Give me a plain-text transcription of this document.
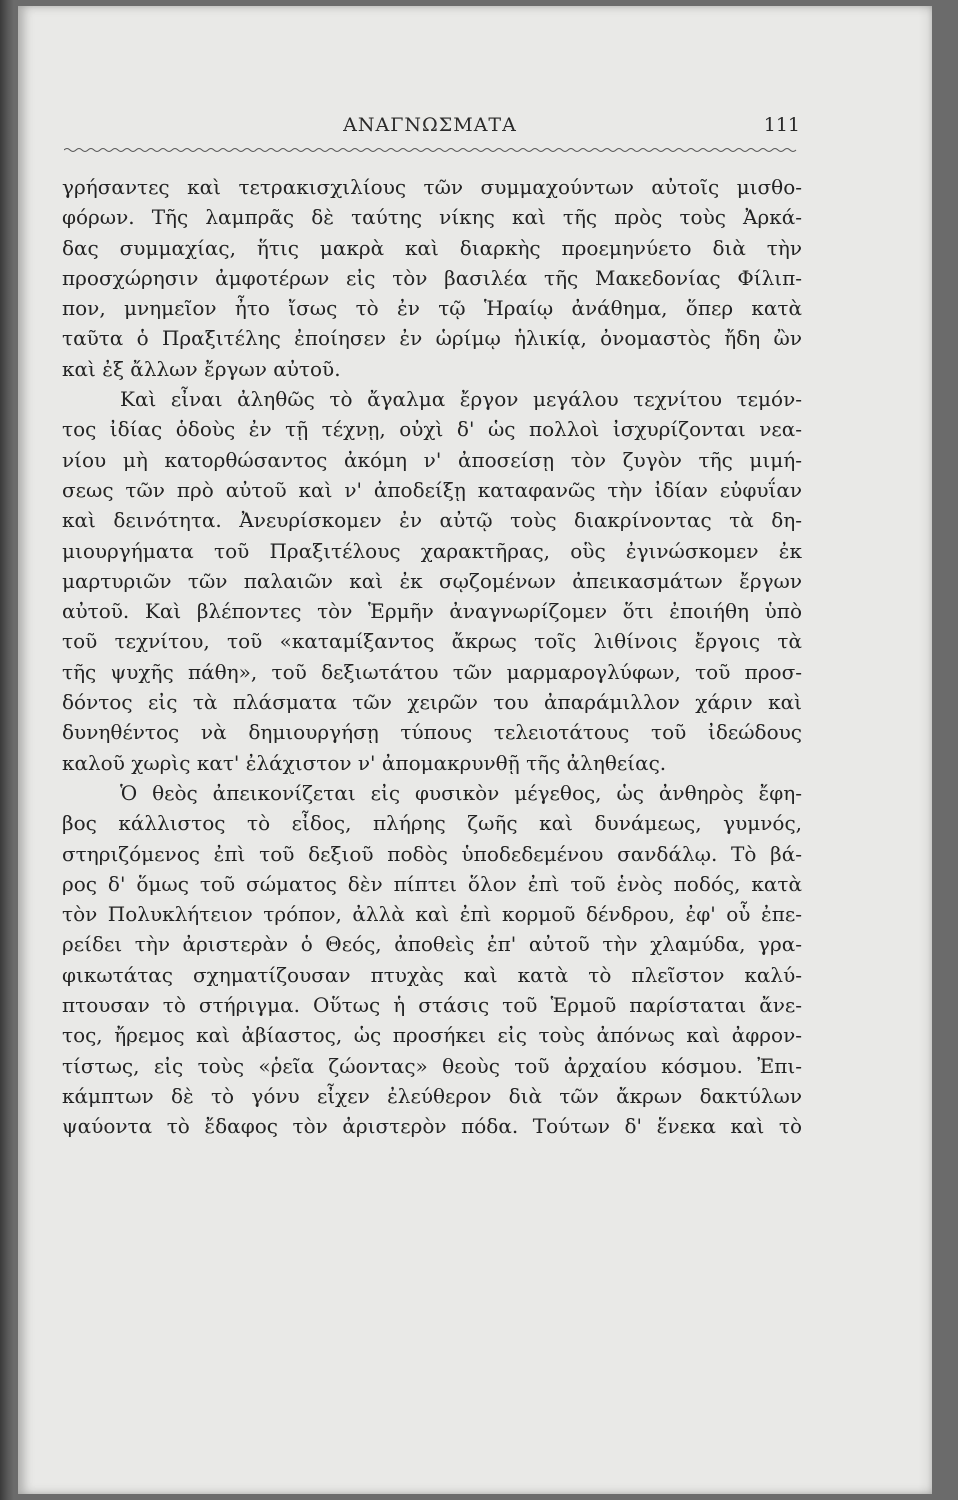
ΑΝΑΓΝΩΣΜΑΤΑ	111
γρήσαντες καὶ τετρακισχιλίους τῶν συμμαχούντων αὐτοῖς μισθο-
φόρων. Τῆς λαμπρᾶς δὲ ταύτης νίκης καὶ τῆς πρὸς τοὺς Ἀρκά-
δας συμμαχίας, ἥτις μακρὰ καὶ διαρκὴς προεμηνύετο διὰ τὴν
προσχώρησιν ἀμφοτέρων εἰς τὸν βασιλέα τῆς Μακεδονίας Φίλιπ-
πον, μνημεῖον ἦτο ἴσως τὸ ἐν τῷ Ἡραίῳ ἀνάθημα, ὅπερ κατὰ
ταῦτα ὁ Πραξιτέλης ἐποίησεν ἐν ὡρίμῳ ἡλικίᾳ, ὀνομαστὸς ἤδη ὢν
καὶ ἐξ ἄλλων ἔργων αὐτοῦ.
Καὶ εἶναι ἀληθῶς τὸ ἄγαλμα ἔργον μεγάλου τεχνίτου τεμόν-
τος ἰδίας ὁδοὺς ἐν τῇ τέχνῃ, οὐχὶ δ' ὡς πολλοὶ ἰσχυρίζονται νεα-
νίου μὴ κατορθώσαντος ἀκόμη ν' ἀποσείσῃ τὸν ζυγὸν τῆς μιμή-
σεως τῶν πρὸ αὐτοῦ καὶ ν' ἀποδείξῃ καταφανῶς τὴν ἰδίαν εὐφυΐαν
καὶ δεινότητα. Ἀνευρίσκομεν ἐν αὐτῷ τοὺς διακρίνοντας τὰ δη-
μιουργήματα τοῦ Πραξιτέλους χαρακτῆρας, οὓς ἐγινώσκομεν ἐκ
μαρτυριῶν τῶν παλαιῶν καὶ ἐκ σῳζομένων ἀπεικασμάτων ἔργων
αὐτοῦ. Καὶ βλέποντες τὸν Ἑρμῆν ἀναγνωρίζομεν ὅτι ἐποιήθη ὑπὸ
τοῦ τεχνίτου, τοῦ «καταμίξαντος ἄκρως τοῖς λιθίνοις ἔργοις τὰ
τῆς ψυχῆς πάθη», τοῦ δεξιωτάτου τῶν μαρμαρογλύφων, τοῦ προσ-
δόντος εἰς τὰ πλάσματα τῶν χειρῶν του ἀπαράμιλλον χάριν καὶ
δυνηθέντος νὰ δημιουργήσῃ τύπους τελειοτάτους τοῦ ἰδεώδους
καλοῦ χωρὶς κατ' ἐλάχιστον ν' ἀπομακρυνθῇ τῆς ἀληθείας.
Ὁ θεὸς ἀπεικονίζεται εἰς φυσικὸν μέγεθος, ὡς ἀνθηρὸς ἔφη-
βος κάλλιστος τὸ εἶδος, πλήρης ζωῆς καὶ δυνάμεως, γυμνός,
στηριζόμενος ἐπὶ τοῦ δεξιοῦ ποδὸς ὑποδεδεμένου σανδάλῳ. Τὸ βά-
ρος δ' ὅμως τοῦ σώματος δὲν πίπτει ὅλον ἐπὶ τοῦ ἑνὸς ποδός, κατὰ
τὸν Πολυκλήτειον τρόπον, ἀλλὰ καὶ ἐπὶ κορμοῦ δένδρου, ἐφ' οὗ ἐπε-
ρείδει τὴν ἀριστερὰν ὁ Θεός, ἀποθεὶς ἐπ' αὐτοῦ τὴν χλαμύδα, γρα-
φικωτάτας σχηματίζουσαν πτυχὰς καὶ κατὰ τὸ πλεῖστον καλύ-
πτουσαν τὸ στήριγμα. Οὕτως ἡ στάσις τοῦ Ἑρμοῦ παρίσταται ἄνε-
τος, ἤρεμος καὶ ἀβίαστος, ὡς προσήκει εἰς τοὺς ἀπόνως καὶ ἀφρον-
τίστως, εἰς τοὺς «ῥεῖα ζώοντας» θεοὺς τοῦ ἀρχαίου κόσμου. Ἐπι-
κάμπτων δὲ τὸ γόνυ εἶχεν ἐλεύθερον διὰ τῶν ἄκρων δακτύλων
ψαύοντα τὸ ἔδαφος τὸν ἀριστερὸν πόδα. Τούτων δ' ἕνεκα καὶ τὸ
